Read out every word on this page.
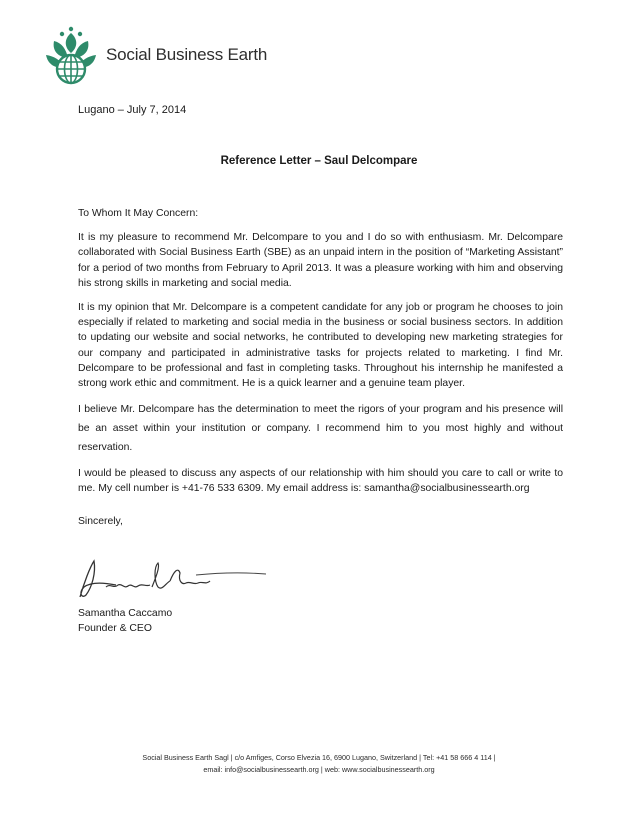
Social Business Earth
Lugano – July 7, 2014
Reference Letter – Saul Delcompare

To Whom It May Concern:

It is my pleasure to recommend Mr. Delcompare to you and I do so with enthusiasm. Mr. Delcompare collaborated with Social Business Earth (SBE) as an unpaid intern in the position of “Marketing Assistant” for a period of two months from February to April 2013. It was a pleasure working with him and observing his strong skills in marketing and social media.

It is my opinion that Mr. Delcompare is a competent candidate for any job or program he chooses to join especially if related to marketing and social media in the business or social business sectors. In addition to updating our website and social networks, he contributed to developing new marketing strategies for our company and participated in administrative tasks for projects related to marketing. I find Mr. Delcompare to be professional and fast in completing tasks. Throughout his internship he manifested a strong work ethic and commitment. He is a quick learner and a genuine team player.

I believe Mr. Delcompare has the determination to meet the rigors of your program and his presence will be an asset within your institution or company. I recommend him to you most highly and without reservation.

I would be pleased to discuss any aspects of our relationship with him should you care to call or write to me. My cell number is +41-76 533 6309. My email address is: samantha@socialbusinessearth.org

Sincerely,
Samantha Caccamo
Founder & CEO
Social Business Earth Sagl | c/o Amfiges, Corso Elvezia 16, 6900 Lugano, Switzerland | Tel: +41 58 666 4 114 |
email: info@socialbusinessearth.org | web: www.socialbusinessearth.org
